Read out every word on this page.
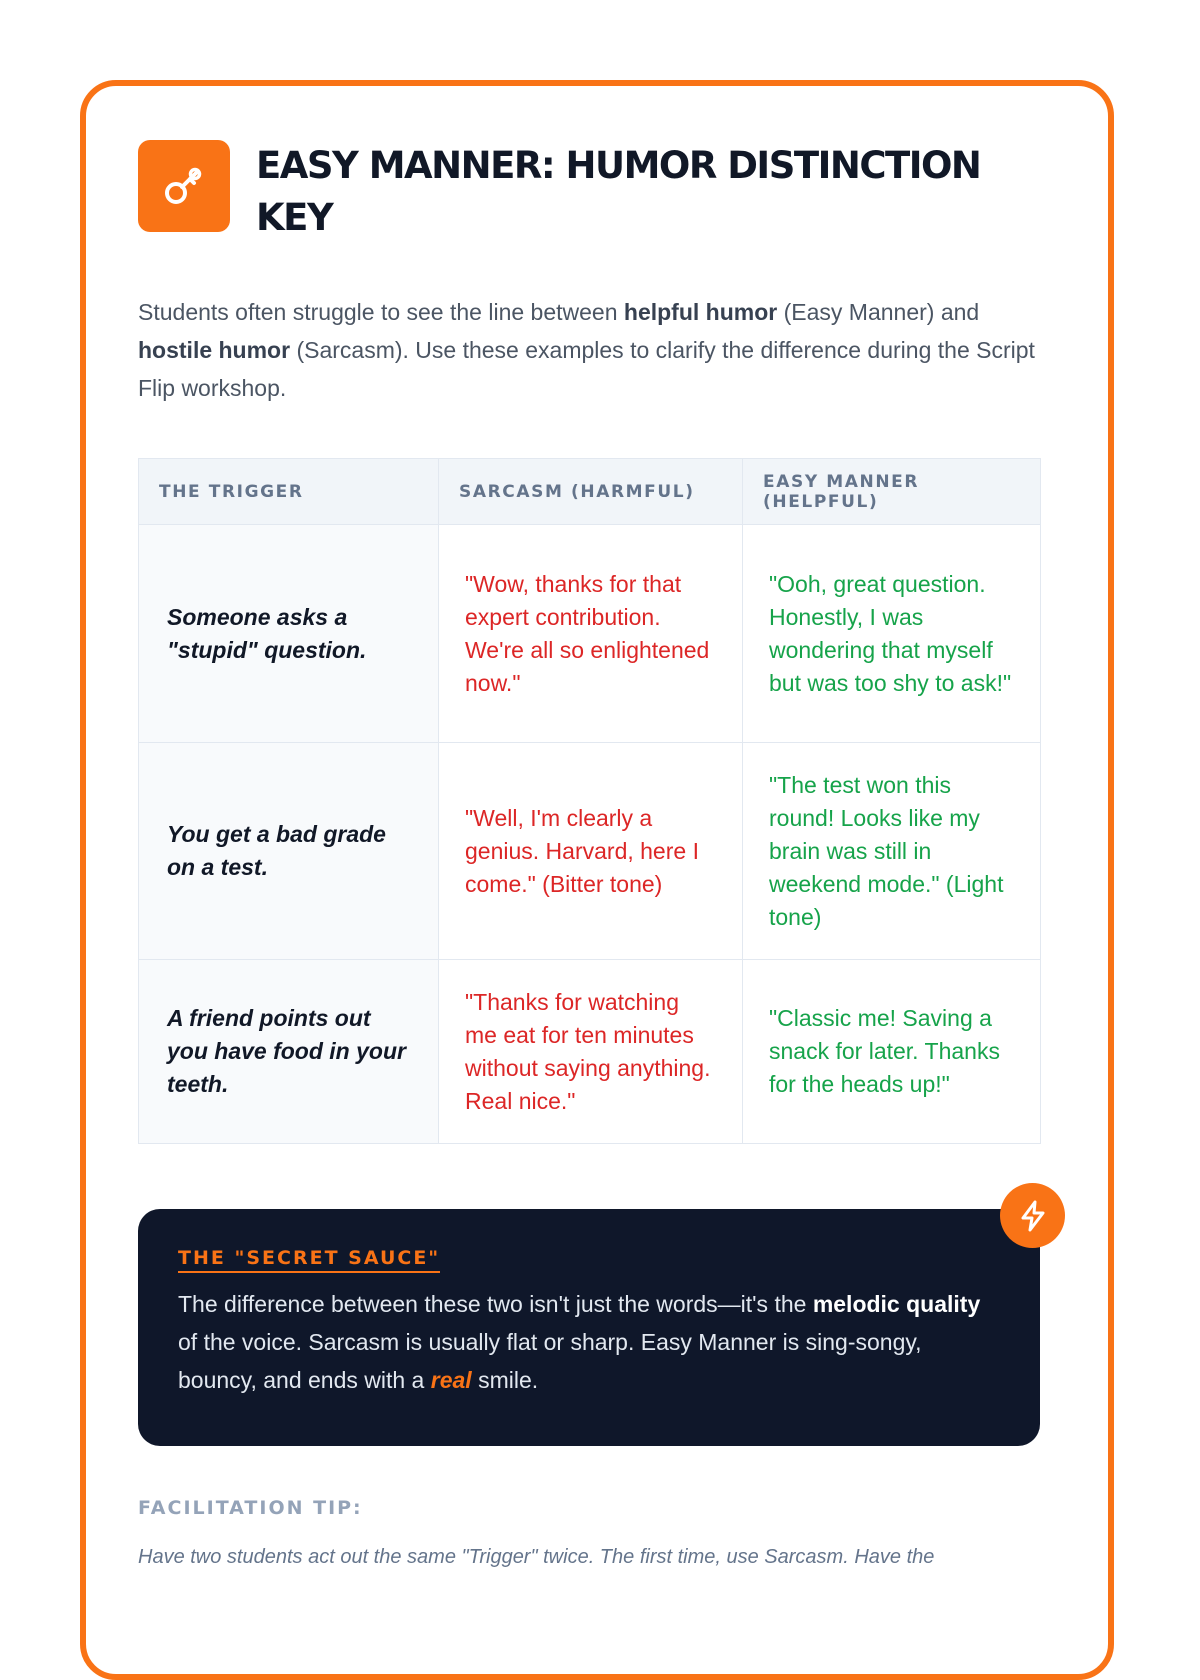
EASY MANNER: HUMOR DISTINCTION KEY

Students often struggle to see the line between helpful humor (Easy Manner) and hostile humor (Sarcasm). Use these examples to clarify the difference during the Script Flip workshop.

THE TRIGGER	SARCASM (HARMFUL)	EASY MANNER (HELPFUL)
Someone asks a "stupid" question.	"Wow, thanks for that expert contribution. We're all so enlightened now."	"Ooh, great question. Honestly, I was wondering that myself but was too shy to ask!"
You get a bad grade on a test.	"Well, I'm clearly a genius. Harvard, here I come." (Bitter tone)	"The test won this round! Looks like my brain was still in weekend mode." (Light tone)
A friend points out you have food in your teeth.	"Thanks for watching me eat for ten minutes without saying anything. Real nice."	"Classic me! Saving a snack for later. Thanks for the heads up!"

THE "SECRET SAUCE"

The difference between these two isn't just the words—it's the melodic quality of the voice. Sarcasm is usually flat or sharp. Easy Manner is sing-songy, bouncy, and ends with a real smile.

FACILITATION TIP:

Have two students act out the same "Trigger" twice. The first time, use Sarcasm. Have the
